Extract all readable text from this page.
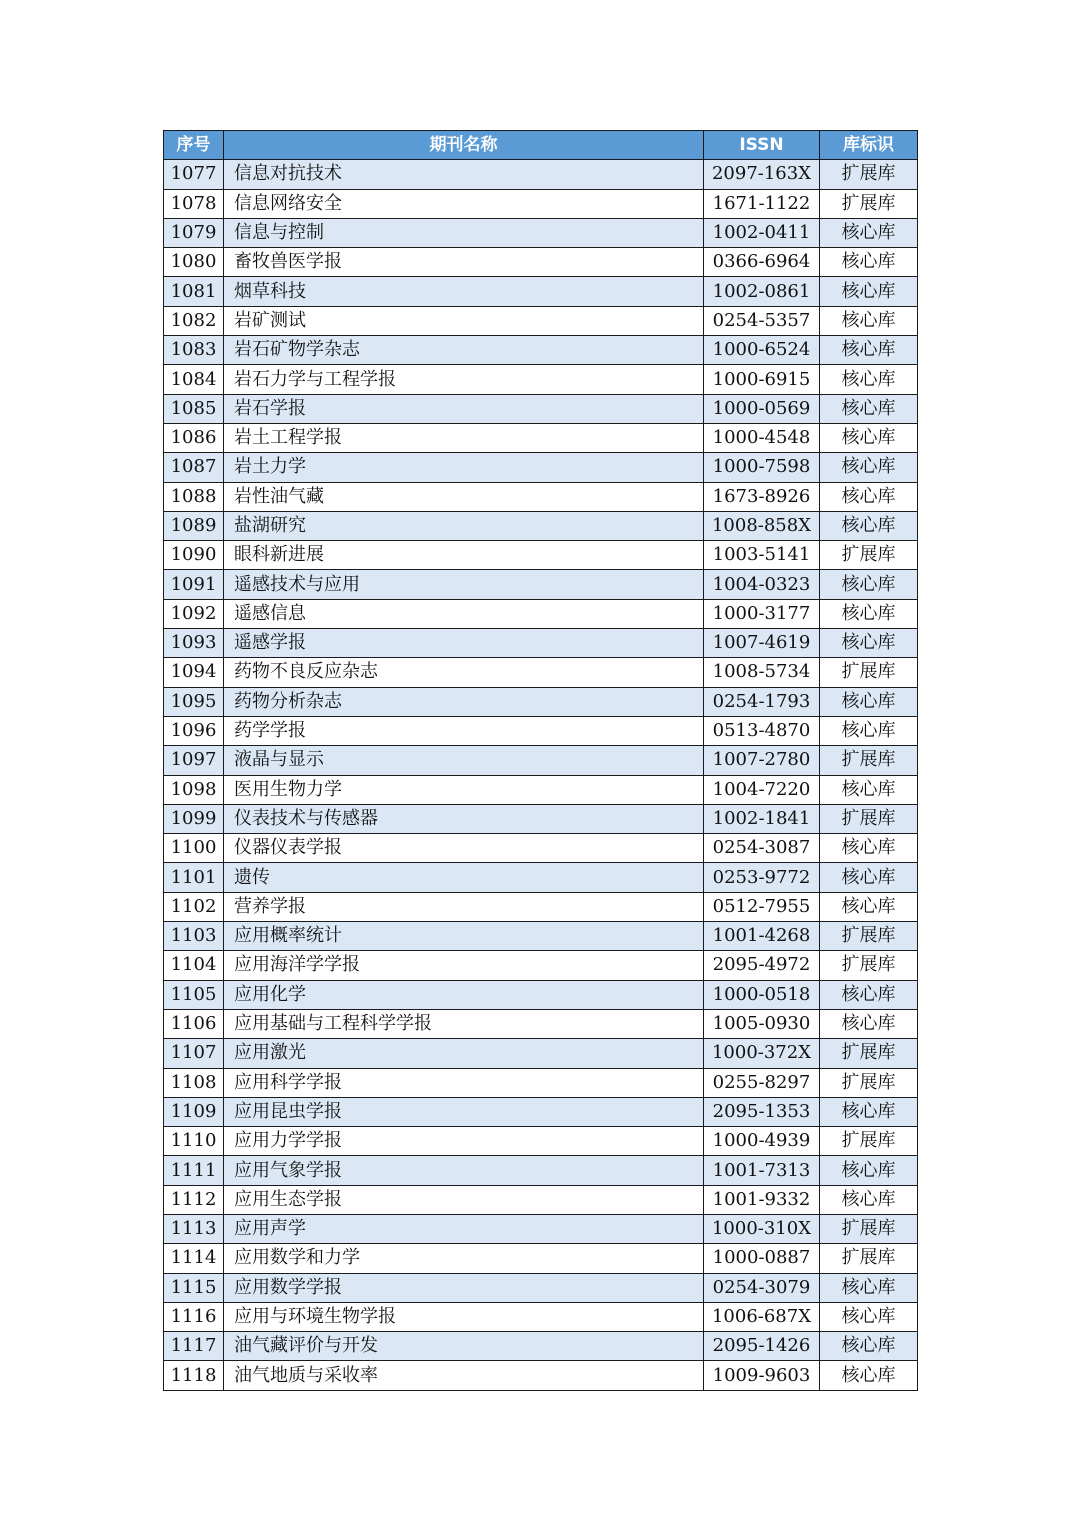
序号	期刊名称	ISSN	库标识
1077	信息对抗技术	2097-163X	扩展库
1078	信息网络安全	1671-1122	扩展库
1079	信息与控制	1002-0411	核心库
1080	畜牧兽医学报	0366-6964	核心库
1081	烟草科技	1002-0861	核心库
1082	岩矿测试	0254-5357	核心库
1083	岩石矿物学杂志	1000-6524	核心库
1084	岩石力学与工程学报	1000-6915	核心库
1085	岩石学报	1000-0569	核心库
1086	岩土工程学报	1000-4548	核心库
1087	岩土力学	1000-7598	核心库
1088	岩性油气藏	1673-8926	核心库
1089	盐湖研究	1008-858X	核心库
1090	眼科新进展	1003-5141	扩展库
1091	遥感技术与应用	1004-0323	核心库
1092	遥感信息	1000-3177	核心库
1093	遥感学报	1007-4619	核心库
1094	药物不良反应杂志	1008-5734	扩展库
1095	药物分析杂志	0254-1793	核心库
1096	药学学报	0513-4870	核心库
1097	液晶与显示	1007-2780	扩展库
1098	医用生物力学	1004-7220	核心库
1099	仪表技术与传感器	1002-1841	扩展库
1100	仪器仪表学报	0254-3087	核心库
1101	遗传	0253-9772	核心库
1102	营养学报	0512-7955	核心库
1103	应用概率统计	1001-4268	扩展库
1104	应用海洋学学报	2095-4972	扩展库
1105	应用化学	1000-0518	核心库
1106	应用基础与工程科学学报	1005-0930	核心库
1107	应用激光	1000-372X	扩展库
1108	应用科学学报	0255-8297	扩展库
1109	应用昆虫学报	2095-1353	核心库
1110	应用力学学报	1000-4939	扩展库
1111	应用气象学报	1001-7313	核心库
1112	应用生态学报	1001-9332	核心库
1113	应用声学	1000-310X	扩展库
1114	应用数学和力学	1000-0887	扩展库
1115	应用数学学报	0254-3079	核心库
1116	应用与环境生物学报	1006-687X	核心库
1117	油气藏评价与开发	2095-1426	核心库
1118	油气地质与采收率	1009-9603	核心库
